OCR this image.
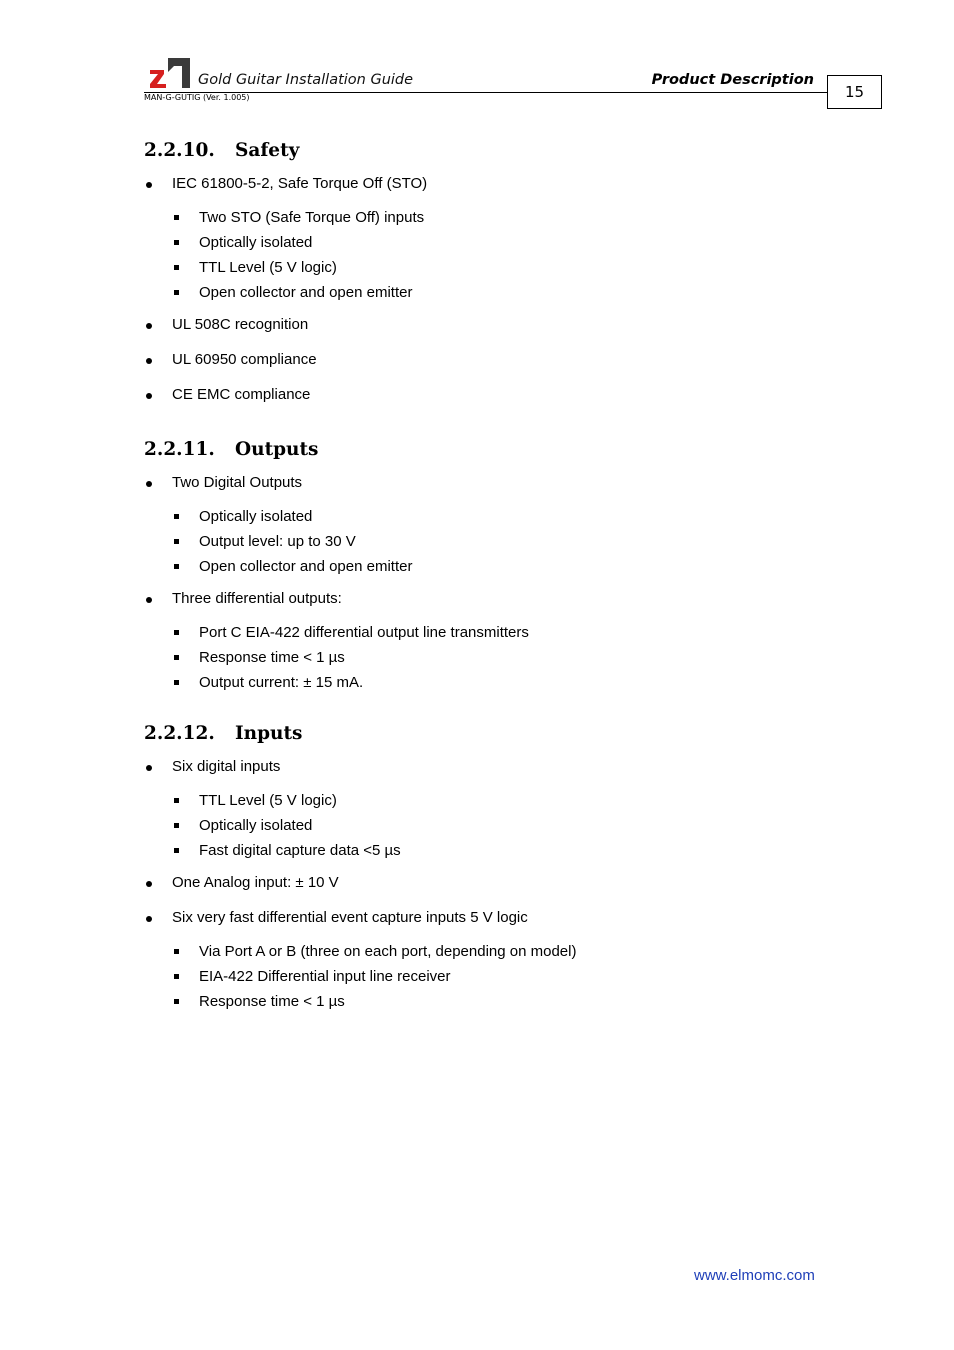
Gold Guitar Installation Guide	Product Description
MAN-G-GUTIG (Ver. 1.005)	15
2.2.10. Safety
IEC 61800-5-2, Safe Torque Off (STO)
Two STO (Safe Torque Off) inputs
Optically isolated
TTL Level (5 V logic)
Open collector and open emitter
UL 508C recognition
UL 60950 compliance
CE EMC compliance
2.2.11. Outputs
Two Digital Outputs
Optically isolated
Output level: up to 30 V
Open collector and open emitter
Three differential outputs:
Port C EIA-422 differential output line transmitters
Response time < 1 µs
Output current: ± 15 mA.
2.2.12. Inputs
Six digital inputs
TTL Level (5 V logic)
Optically isolated
Fast digital capture data <5 µs
One Analog input: ± 10 V
Six very fast differential event capture inputs 5 V logic
Via Port A or B (three on each port, depending on model)
EIA-422 Differential input line receiver
Response time < 1 µs
www.elmomc.com
